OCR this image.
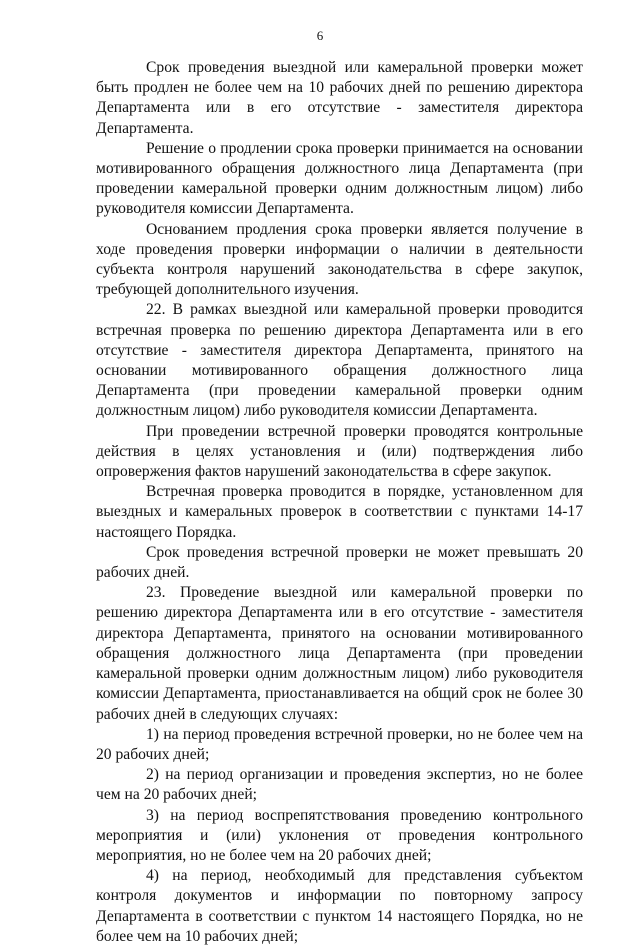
6

Срок проведения выездной или камеральной проверки может быть продлен не более чем на 10 рабочих дней по решению директора Департамента или в его отсутствие - заместителя директора Департамента.

Решение о продлении срока проверки принимается на основании мотивированного обращения должностного лица Департамента (при проведении камеральной проверки одним должностным лицом) либо руководителя комиссии Департамента.

Основанием продления срока проверки является получение в ходе проведения проверки информации о наличии в деятельности субъекта контроля нарушений законодательства в сфере закупок, требующей дополнительного изучения.

22. В рамках выездной или камеральной проверки проводится встречная проверка по решению директора Департамента или в его отсутствие - заместителя директора Департамента, принятого на основании мотивированного обращения должностного лица Департамента (при проведении камеральной проверки одним должностным лицом) либо руководителя комиссии Департамента.

При проведении встречной проверки проводятся контрольные действия в целях установления и (или) подтверждения либо опровержения фактов нарушений законодательства в сфере закупок.

Встречная проверка проводится в порядке, установленном для выездных и камеральных проверок в соответствии с пунктами 14-17 настоящего Порядка.

Срок проведения встречной проверки не может превышать 20 рабочих дней.

23. Проведение выездной или камеральной проверки по решению директора Департамента или в его отсутствие - заместителя директора Департамента, принятого на основании мотивированного обращения должностного лица Департамента (при проведении камеральной проверки одним должностным лицом) либо руководителя комиссии Департамента, приостанавливается на общий срок не более 30 рабочих дней в следующих случаях:

1) на период проведения встречной проверки, но не более чем на 20 рабочих дней;

2) на период организации и проведения экспертиз, но не более чем на 20 рабочих дней;

3) на период воспрепятствования проведению контрольного мероприятия и (или) уклонения от проведения контрольного мероприятия, но не более чем на 20 рабочих дней;

4) на период, необходимый для представления субъектом контроля документов и информации по повторному запросу Департамента в соответствии с пунктом 14 настоящего Порядка, но не более чем на 10 рабочих дней;
